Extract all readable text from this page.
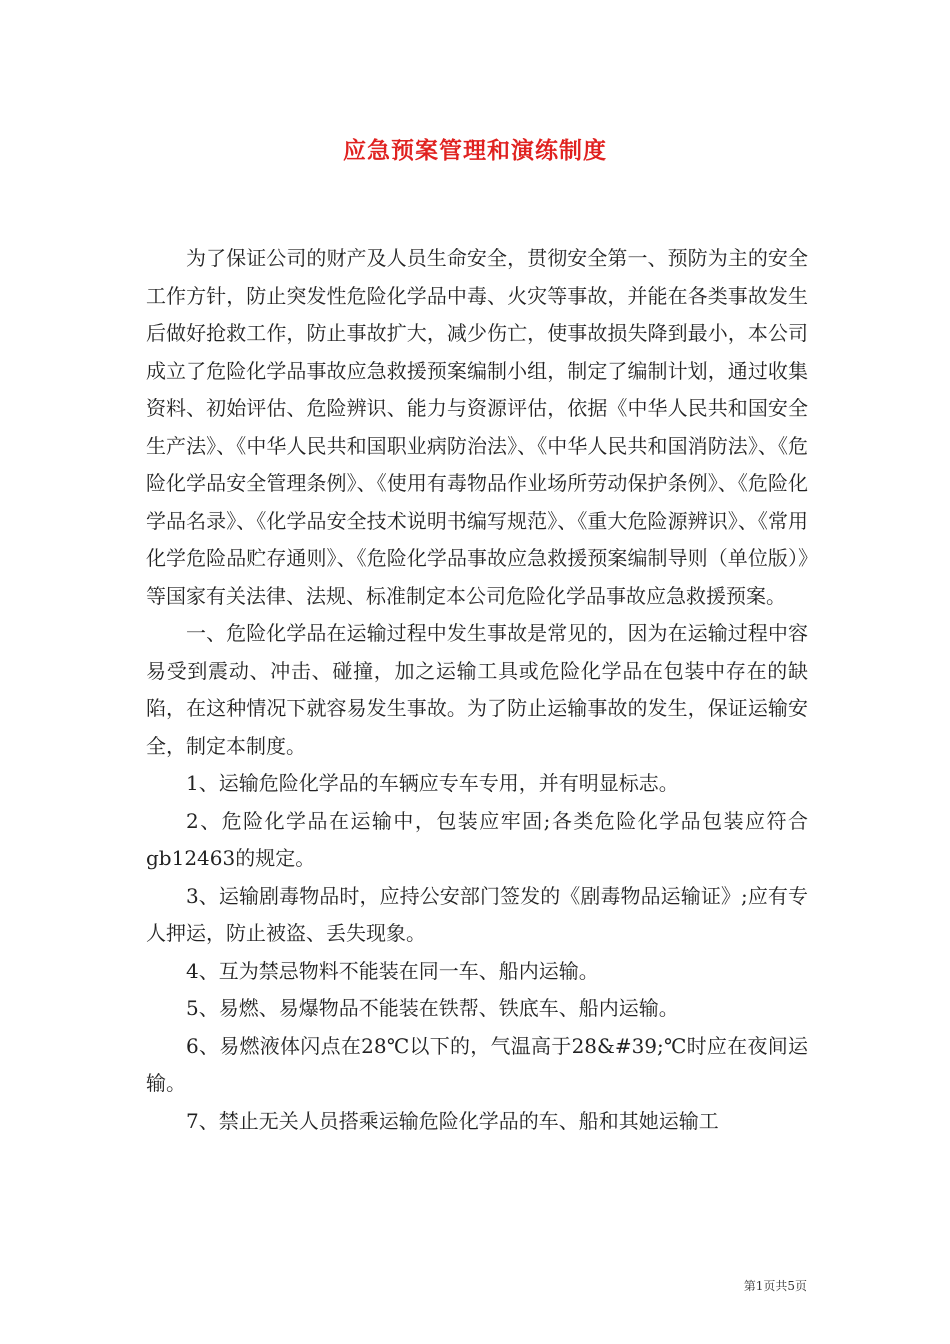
应急预案管理和演练制度

为了保证公司的财产及人员生命安全，贯彻安全第一、预防为主的安全工作方针，防止突发性危险化学品中毒、火灾等事故，并能在各类事故发生后做好抢救工作，防止事故扩大，减少伤亡，使事故损失降到最小，本公司成立了危险化学品事故应急救援预案编制小组，制定了编制计划，通过收集资料、初始评估、危险辨识、能力与资源评估，依据《中华人民共和国安全生产法》、《中华人民共和国职业病防治法》、《中华人民共和国消防法》、《危险化学品安全管理条例》、《使用有毒物品作业场所劳动保护条例》、《危险化学品名录》、《化学品安全技术说明书编写规范》、《重大危险源辨识》、《常用化学危险品贮存通则》、《危险化学品事故应急救援预案编制导则（单位版）》等国家有关法律、法规、标准制定本公司危险化学品事故应急救援预案。

一、危险化学品在运输过程中发生事故是常见的，因为在运输过程中容易受到震动、冲击、碰撞，加之运输工具或危险化学品在包装中存在的缺陷，在这种情况下就容易发生事故。为了防止运输事故的发生，保证运输安全，制定本制度。

1、运输危险化学品的车辆应专车专用，并有明显标志。

2、危险化学品在运输中，包装应牢固;各类危险化学品包装应符合gb12463的规定。

3、运输剧毒物品时，应持公安部门签发的《剧毒物品运输证》;应有专人押运，防止被盗、丢失现象。

4、互为禁忌物料不能装在同一车、船内运输。

5、易燃、易爆物品不能装在铁帮、铁底车、船内运输。

6、易燃液体闪点在28℃以下的，气温高于28&#39;℃时应在夜间运输。

7、禁止无关人员搭乘运输危险化学品的车、船和其她运输工

第1页共5页
